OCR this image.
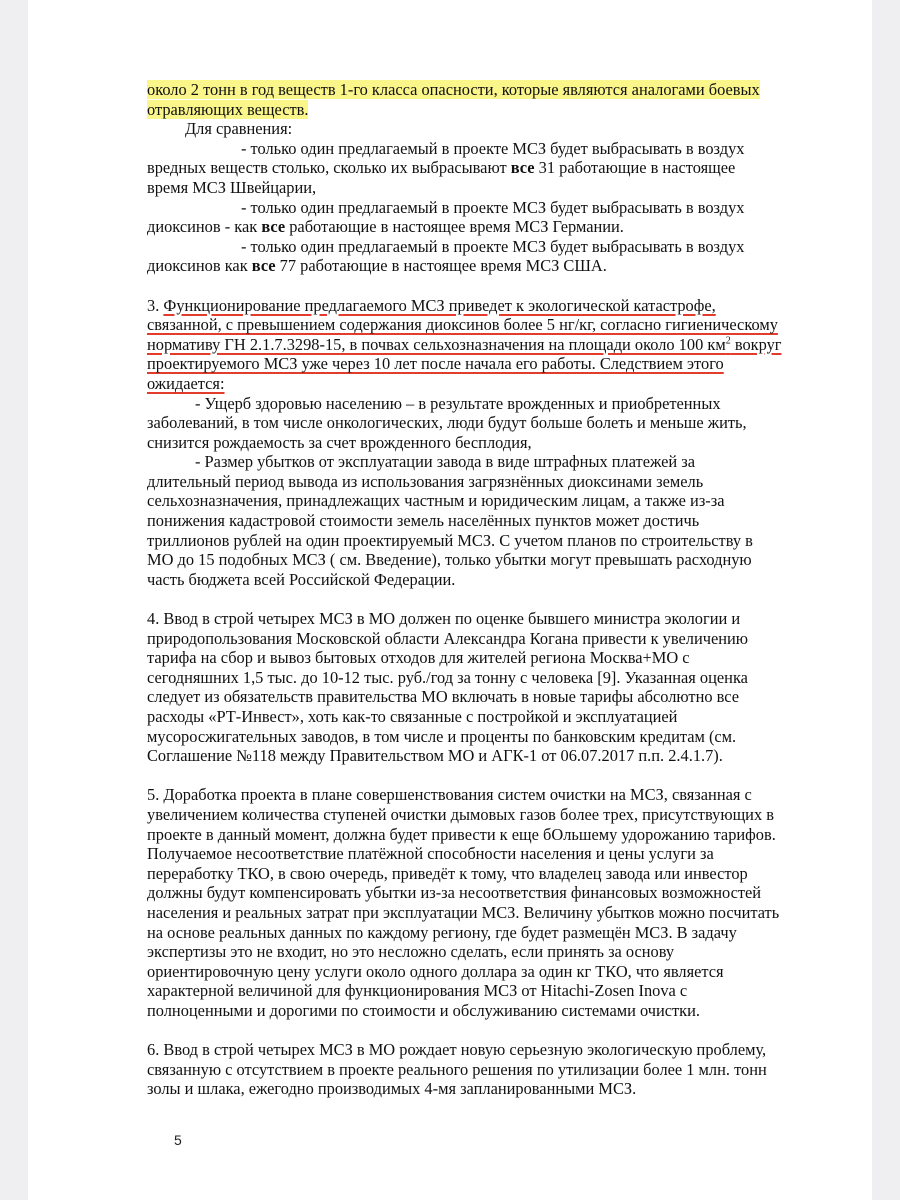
около 2 тонн в год веществ 1-го класса опасности, которые являются аналогами боевых
отравляющих веществ.
Для сравнения:
- только один предлагаемый в проекте МСЗ будет выбрасывать в воздух
вредных веществ столько, сколько их выбрасывают все 31 работающие в настоящее
время МСЗ Швейцарии,
- только один предлагаемый в проекте МСЗ будет выбрасывать в воздух
диоксинов - как все работающие в настоящее время МСЗ Германии.
- только один предлагаемый в проекте МСЗ будет выбрасывать в воздух
диоксинов как все 77 работающие в настоящее время МСЗ США.
3. Функционирование предлагаемого МСЗ приведет к экологической катастрофе,
связанной, с превышением содержания диоксинов более 5 нг/кг, согласно гигиеническому
нормативу ГН 2.1.7.3298-15, в почвах сельхозназначения на площади около 100 $км^2$ вокруг
проектируемого МСЗ уже через 10 лет после начала его работы. Следствием этого
ожидается:
- Ущерб здоровью населению – в результате врожденных и приобретенных
заболеваний, в том числе онкологических, люди будут больше болеть и меньше жить,
снизится рождаемость за счет врожденного бесплодия,
- Размер убытков от эксплуатации завода в виде штрафных платежей за
длительный период вывода из использования загрязнённых диоксинами земель
сельхозназначения, принадлежащих частным и юридическим лицам, а также из-за
понижения кадастровой стоимости земель населённых пунктов может достичь
триллионов рублей на один проектируемый МСЗ. С учетом планов по строительству в
МО до 15 подобных МСЗ ( см. Введение), только убытки могут превышать расходную
часть бюджета всей Российской Федерации.
4. Ввод в строй четырех МСЗ в МО должен по оценке бывшего министра экологии и
природопользования Московской области Александра Когана привести к увеличению
тарифа на сбор и вывоз бытовых отходов для жителей региона Москва+МО с
сегодняшних 1,5 тыс. до 10-12 тыс. руб./год за тонну с человека [9]. Указанная оценка
следует из обязательств правительства МО включать в новые тарифы абсолютно все
расходы «РТ-Инвест», хоть как-то связанные с постройкой и эксплуатацией
мусоросжигательных заводов, в том числе и проценты по банковским кредитам (см.
Соглашение №118 между Правительством МО и АГК-1 от 06.07.2017 п.п. 2.4.1.7).
5. Доработка проекта в плане совершенствования систем очистки на МСЗ, связанная с
увеличением количества ступеней очистки дымовых газов более трех, присутствующих в
проекте в данный момент, должна будет привести к еще бОльшему удорожанию тарифов.
Получаемое несоответствие платёжной способности населения и цены услуги за
переработку ТКО, в свою очередь, приведёт к тому, что владелец завода или инвестор
должны будут компенсировать убытки из-за несоответствия финансовых возможностей
населения и реальных затрат при эксплуатации МСЗ. Величину убытков можно посчитать
на основе реальных данных по каждому региону, где будет размещён МСЗ. В задачу
экспертизы это не входит, но это несложно сделать, если принять за основу
ориентировочную цену услуги около одного доллара за один кг ТКО, что является
характерной величиной для функционирования МСЗ от Hitachi-Zosen Inova с
полноценными и дорогими по стоимости и обслуживанию системами очистки.
6. Ввод в строй четырех МСЗ в МО рождает новую серьезную экологическую проблему,
связанную с отсутствием в проекте реального решения по утилизации более 1 млн. тонн
золы и шлака, ежегодно производимых 4-мя запланированными МСЗ.
5
